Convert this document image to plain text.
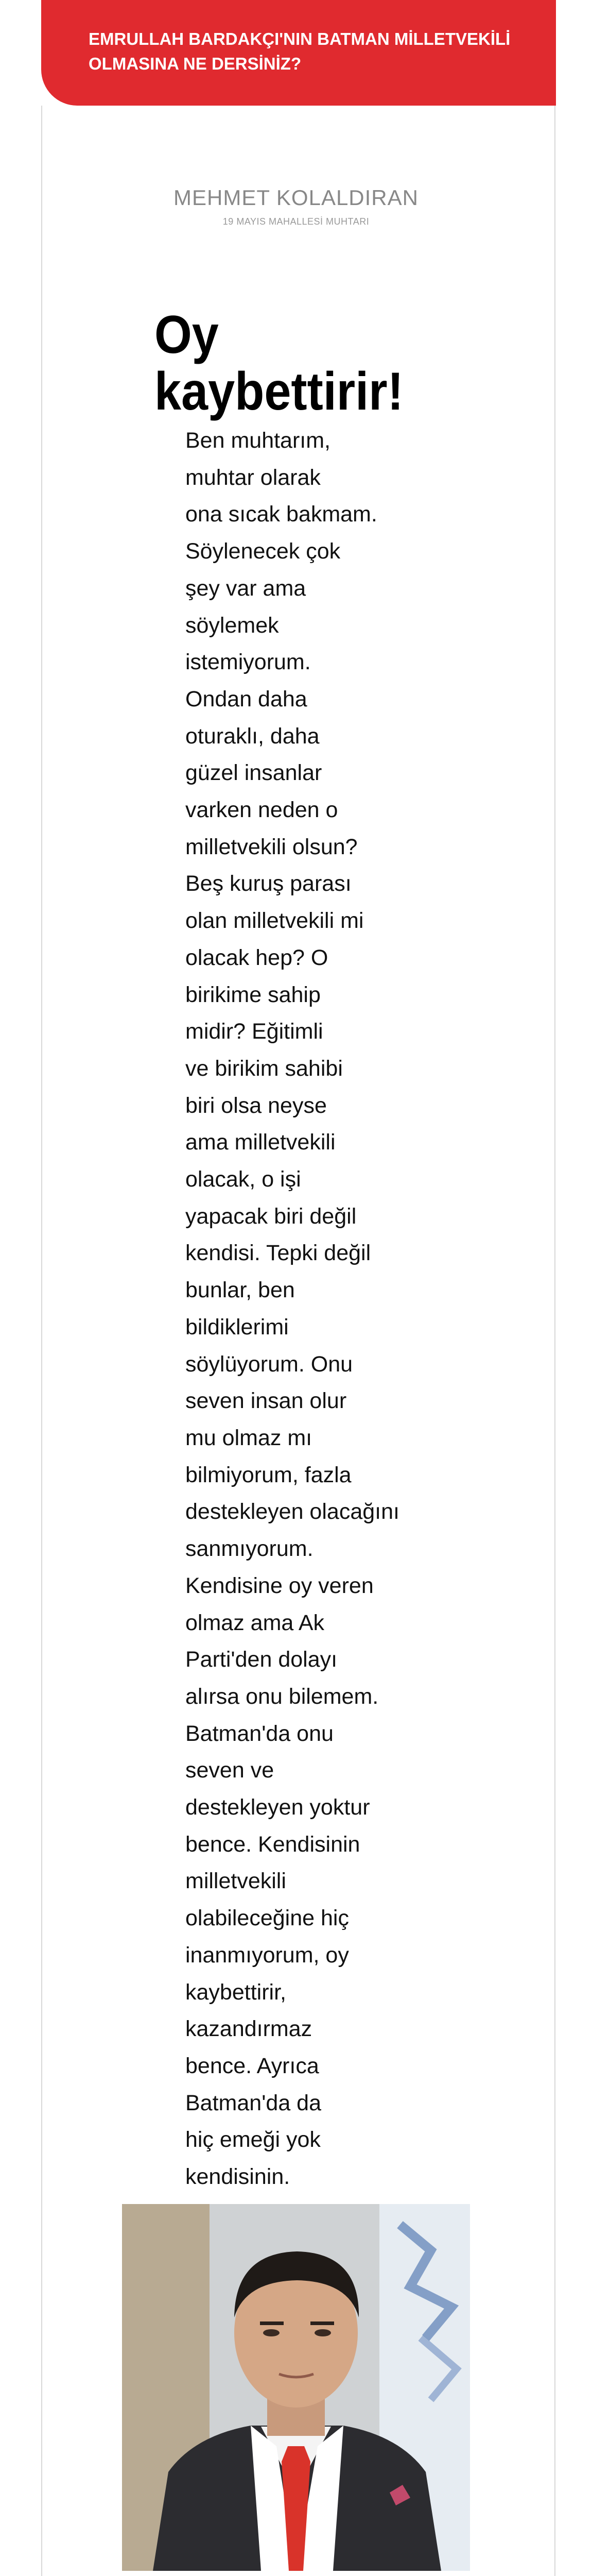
EMRULLAH BARDAKÇI'NIN BATMAN MİLLETVEKİLİ
OLMASINA NE DERSİNİZ?
MEHMET KOLALDIRAN
19 MAYIS MAHALLESİ MUHTARI
Oy
kaybettirir!
Ben muhtarım,
muhtar olarak
ona sıcak bakmam.
Söylenecek çok
şey var ama
söylemek
istemiyorum.
Ondan daha
oturaklı, daha
güzel insanlar
varken neden o
milletvekili olsun?
Beş kuruş parası
olan milletvekili mi
olacak hep? O
birikime sahip
midir? Eğitimli
ve birikim sahibi
biri olsa neyse
ama milletvekili
olacak, o işi
yapacak biri değil
kendisi. Tepki değil
bunlar, ben
bildiklerimi
söylüyorum. Onu
seven insan olur
mu olmaz mı
bilmiyorum, fazla
destekleyen olacağını
sanmıyorum.
Kendisine oy veren
olmaz ama Ak
Parti'den dolayı
alırsa onu bilemem.
Batman'da onu
seven ve
destekleyen yoktur
bence. Kendisinin
milletvekili
olabileceğine hiç
inanmıyorum, oy
kaybettirir,
kazandırmaz
bence. Ayrıca
Batman'da da
hiç emeği yok
kendisinin.
